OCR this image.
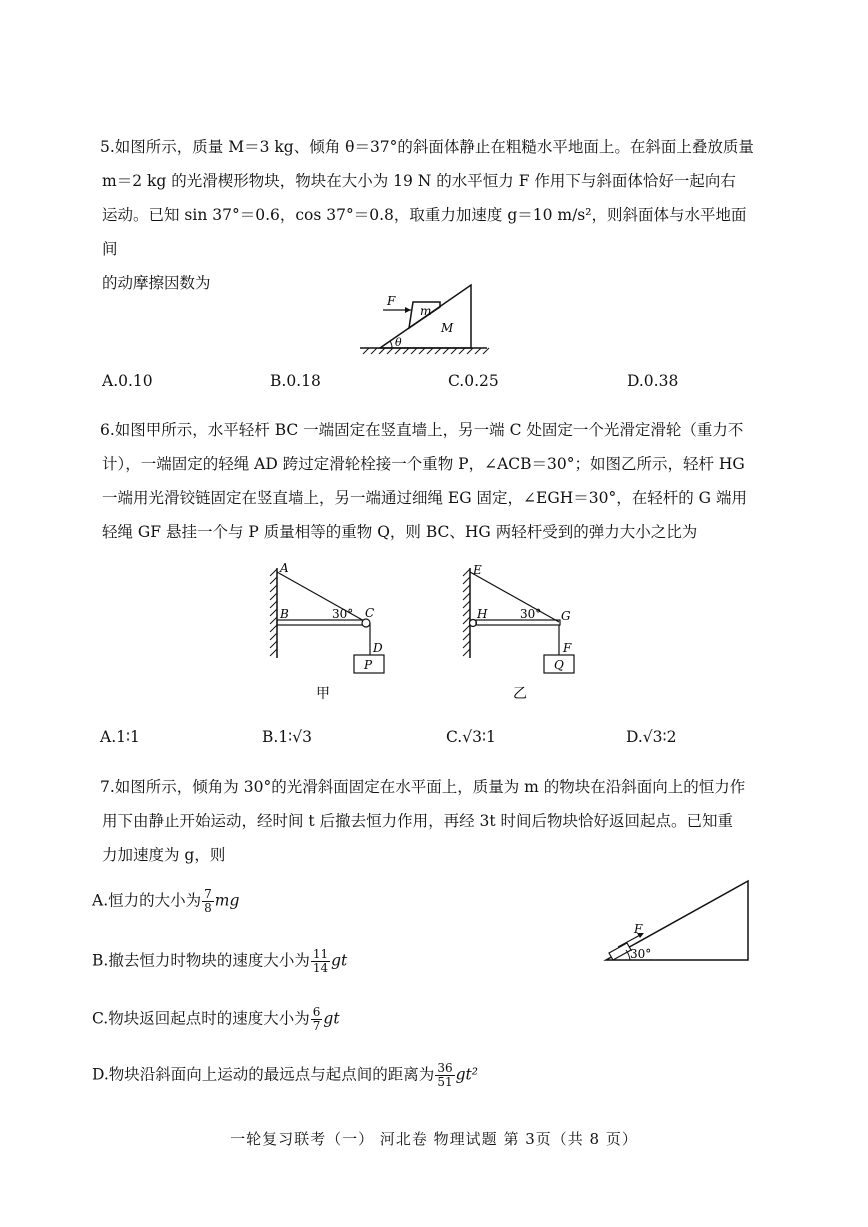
5.如图所示，质量 M＝3 kg、倾角 θ＝37°的斜面体静止在粗糙水平地面上。在斜面上叠放质量

m＝2 kg 的光滑楔形物块，物块在大小为 19 N 的水平恒力 F 作用下与斜面体恰好一起向右

运动。已知 sin 37°＝0.6，cos 37°＝0.8，取重力加速度 g＝10 m/s²，则斜面体与水平地面间

的动摩擦因数为

F
m
M
θ
A.0.10	B.0.18	C.0.25	D.0.38

6.如图甲所示，水平轻杆 BC 一端固定在竖直墙上，另一端 C 处固定一个光滑定滑轮（重力不

计），一端固定的轻绳 AD 跨过定滑轮栓接一个重物 P，∠ACB＝30°；如图乙所示，轻杆 HG

一端用光滑铰链固定在竖直墙上，另一端通过细绳 EG 固定，∠EGH＝30°，在轻杆的 G 端用

轻绳 GF 悬挂一个与 P 质量相等的重物 Q，则 BC、HG 两轻杆受到的弹力大小之比为

A
B	C
30°
D
P
甲
E
H	G
30°
F
Q
乙
A.1∶1	B.1∶√3	C.√3∶1	D.√3∶2

7.如图所示，倾角为 30°的光滑斜面固定在水平面上，质量为 m 的物块在沿斜面向上的恒力作

用下由静止开始运动，经时间 t 后撤去恒力作用，再经 3t 时间后物块恰好返回起点。已知重

力加速度为 g，则

A.恒力的大小为 $\frac{7}{8}$ mg
B.撤去恒力时物块的速度大小为 $\frac{11}{14}$ gt
C.物块返回起点时的速度大小为 $\frac{6}{7}$ gt
D.物块沿斜面向上运动的最远点与起点间的距离为 $\frac{36}{51} gt^2$
F
30°
一轮复习联考（一） 河北卷 物理试题 第 3页（共 8 页）
